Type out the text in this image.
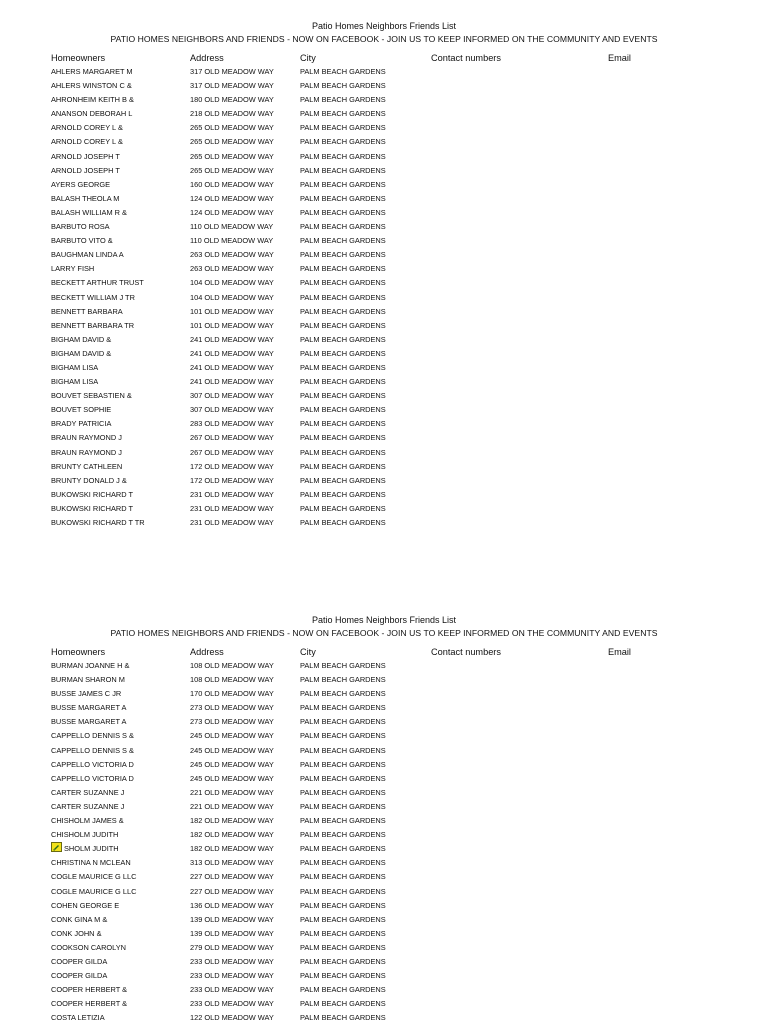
Patio Homes Neighbors Friends List
PATIO HOMES NEIGHBORS AND FRIENDS - NOW ON FACEBOOK - JOIN US TO KEEP INFORMED ON THE COMMUNITY AND EVENTS
Homeowners	Address	City	Contact numbers	Email
AHLERS MARGARET M	317 OLD MEADOW WAY	PALM BEACH GARDENS
AHLERS WINSTON C &	317 OLD MEADOW WAY	PALM BEACH GARDENS
AHRONHEIM KEITH B &	180 OLD MEADOW WAY	PALM BEACH GARDENS
ANANSON DEBORAH L	218 OLD MEADOW WAY	PALM BEACH GARDENS
ARNOLD COREY L &	265 OLD MEADOW WAY	PALM BEACH GARDENS
ARNOLD COREY L &	265 OLD MEADOW WAY	PALM BEACH GARDENS
ARNOLD JOSEPH T	265 OLD MEADOW WAY	PALM BEACH GARDENS
ARNOLD JOSEPH T	265 OLD MEADOW WAY	PALM BEACH GARDENS
AYERS GEORGE	160 OLD MEADOW WAY	PALM BEACH GARDENS
BALASH THEOLA M	124 OLD MEADOW WAY	PALM BEACH GARDENS
BALASH WILLIAM R &	124 OLD MEADOW WAY	PALM BEACH GARDENS
BARBUTO ROSA	110 OLD MEADOW WAY	PALM BEACH GARDENS
BARBUTO VITO &	110 OLD MEADOW WAY	PALM BEACH GARDENS
BAUGHMAN LINDA A	263 OLD MEADOW WAY	PALM BEACH GARDENS
LARRY FISH	263 OLD MEADOW WAY	PALM BEACH GARDENS
BECKETT ARTHUR TRUST	104 OLD MEADOW WAY	PALM BEACH GARDENS
BECKETT WILLIAM J TR	104 OLD MEADOW WAY	PALM BEACH GARDENS
BENNETT BARBARA	101 OLD MEADOW WAY	PALM BEACH GARDENS
BENNETT BARBARA TR	101 OLD MEADOW WAY	PALM BEACH GARDENS
BIGHAM DAVID &	241 OLD MEADOW WAY	PALM BEACH GARDENS
BIGHAM DAVID &	241 OLD MEADOW WAY	PALM BEACH GARDENS
BIGHAM LISA	241 OLD MEADOW WAY	PALM BEACH GARDENS
BIGHAM LISA	241 OLD MEADOW WAY	PALM BEACH GARDENS
BOUVET SEBASTIEN &	307 OLD MEADOW WAY	PALM BEACH GARDENS
BOUVET SOPHIE	307 OLD MEADOW WAY	PALM BEACH GARDENS
BRADY PATRICIA	283 OLD MEADOW WAY	PALM BEACH GARDENS
BRAUN RAYMOND J	267 OLD MEADOW WAY	PALM BEACH GARDENS
BRAUN RAYMOND J	267 OLD MEADOW WAY	PALM BEACH GARDENS
BRUNTY CATHLEEN	172 OLD MEADOW WAY	PALM BEACH GARDENS
BRUNTY DONALD J &	172 OLD MEADOW WAY	PALM BEACH GARDENS
BUKOWSKI RICHARD T	231 OLD MEADOW WAY	PALM BEACH GARDENS
BUKOWSKI RICHARD T	231 OLD MEADOW WAY	PALM BEACH GARDENS
BUKOWSKI RICHARD T TR	231 OLD MEADOW WAY	PALM BEACH GARDENS
Patio Homes Neighbors Friends List
PATIO HOMES NEIGHBORS AND FRIENDS - NOW ON FACEBOOK - JOIN US TO KEEP INFORMED ON THE COMMUNITY AND EVENTS
Homeowners	Address	City	Contact numbers	Email
BURMAN JOANNE H &	108 OLD MEADOW WAY	PALM BEACH GARDENS
BURMAN SHARON M	108 OLD MEADOW WAY	PALM BEACH GARDENS
BUSSE JAMES C JR	170 OLD MEADOW WAY	PALM BEACH GARDENS
BUSSE MARGARET A	273 OLD MEADOW WAY	PALM BEACH GARDENS
BUSSE MARGARET A	273 OLD MEADOW WAY	PALM BEACH GARDENS
CAPPELLO DENNIS S &	245 OLD MEADOW WAY	PALM BEACH GARDENS
CAPPELLO DENNIS S &	245 OLD MEADOW WAY	PALM BEACH GARDENS
CAPPELLO VICTORIA D	245 OLD MEADOW WAY	PALM BEACH GARDENS
CAPPELLO VICTORIA D	245 OLD MEADOW WAY	PALM BEACH GARDENS
CARTER SUZANNE J	221 OLD MEADOW WAY	PALM BEACH GARDENS
CARTER SUZANNE J	221 OLD MEADOW WAY	PALM BEACH GARDENS
CHISHOLM JAMES &	182 OLD MEADOW WAY	PALM BEACH GARDENS
CHISHOLM JUDITH	182 OLD MEADOW WAY	PALM BEACH GARDENS
SHOLM JUDITH	182 OLD MEADOW WAY	PALM BEACH GARDENS
CHRISTINA N MCLEAN	313 OLD MEADOW WAY	PALM BEACH GARDENS
COGLE MAURICE G LLC	227 OLD MEADOW WAY	PALM BEACH GARDENS
COGLE MAURICE G LLC	227 OLD MEADOW WAY	PALM BEACH GARDENS
COHEN GEORGE E	136 OLD MEADOW WAY	PALM BEACH GARDENS
CONK GINA M &	139 OLD MEADOW WAY	PALM BEACH GARDENS
CONK JOHN &	139 OLD MEADOW WAY	PALM BEACH GARDENS
COOKSON CAROLYN	279 OLD MEADOW WAY	PALM BEACH GARDENS
COOPER GILDA	233 OLD MEADOW WAY	PALM BEACH GARDENS
COOPER GILDA	233 OLD MEADOW WAY	PALM BEACH GARDENS
COOPER HERBERT &	233 OLD MEADOW WAY	PALM BEACH GARDENS
COOPER HERBERT &	233 OLD MEADOW WAY	PALM BEACH GARDENS
COSTA LETIZIA	122 OLD MEADOW WAY	PALM BEACH GARDENS
